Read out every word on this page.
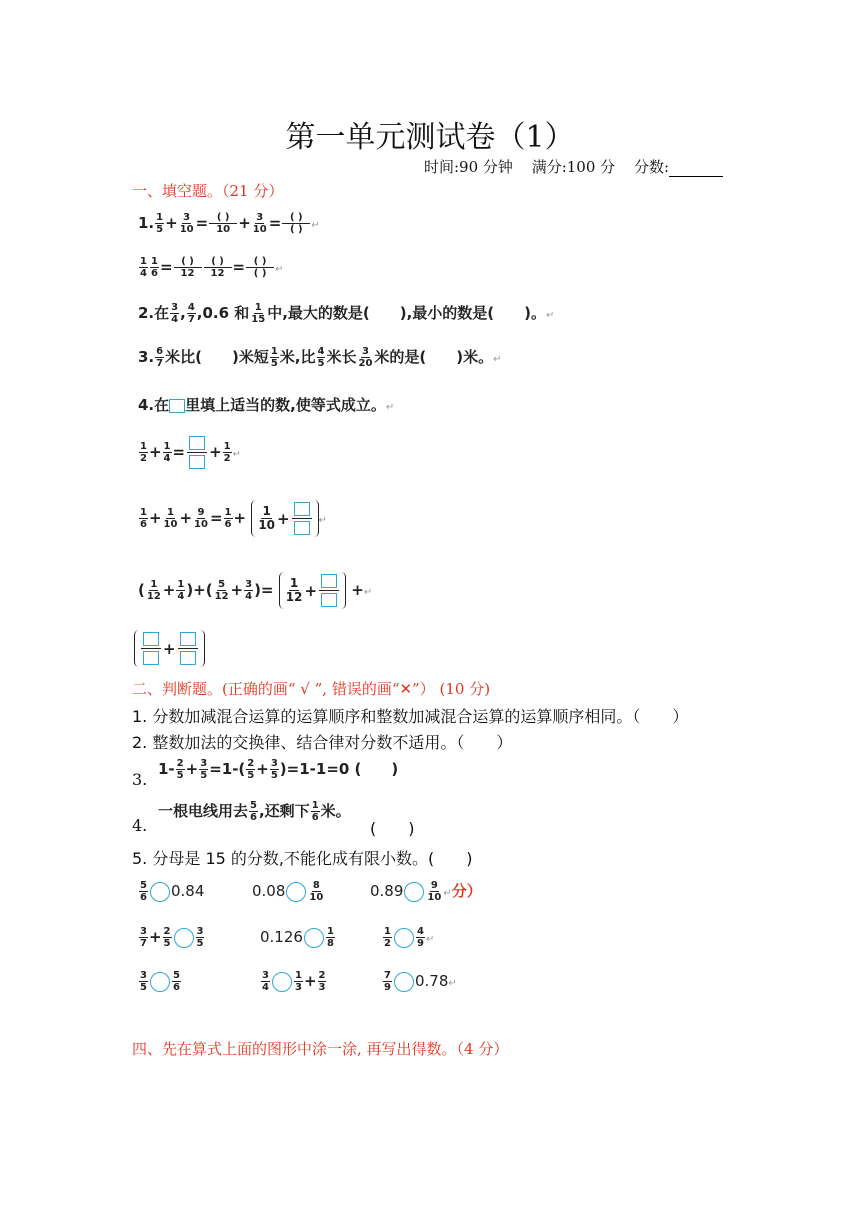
第一单元测试卷（1）
时间:90 分钟 满分:100 分 分数:
一、填空题。（21 分）
1. $\frac{1}{5} + \frac{3}{10} = \frac{( )}{10} + \frac{3}{10} = \frac{( )}{( )}$ ↵
$\frac{1}{4} \frac{1}{6} = \frac{( )}{12} \frac{( )}{12} = \frac{( )}{( )}$ ↵
2.在 $\frac{3}{4}$ , $\frac{4}{7} ,0.6$ 和 $\frac{1}{15}$ 中,最大的数是(　　),最小的数是(　　)。↵
3. $\frac{6}{7}$ 米比(　　)米短 $\frac{1}{5}$ 米,比 $\frac{4}{5}$ 米长 $\frac{3}{20}$ 米的是(　　)米。↵
4.在 里填上适当的数,使等式成立。↵
$\frac{1}{2} + \frac{1}{4}$ = + $\frac{1}{2}$ ↵
$\frac{1}{6} + \frac{1}{10} + \frac{9}{10} = \frac{1}{6} + \frac{1}{10}$ +	↵
( $\frac{1}{12} + \frac{1}{4}$ )+( $\frac{5}{12} + \frac{3}{4}$ )= $\frac{1}{12}$ +
+↵
+
二、判断题。(正确的画“ √ ”, 错误的画“✕”） (10 分)
1. 分数加减混合运算的运算顺序和整数加减混合运算的运算顺序相同。（　　）
2. 整数加法的交换律、结合律对分数不适用。（　　）
3.
$1- \frac{2}{5} + \frac{3}{5} =1-( \frac{2}{5} + \frac{3}{5} )=1-1=0$ (　　)
4.
一根电线用去 $\frac{5}{6}$ ,还剩下 $\frac{1}{6}$ 米。
(　　)
5. 分母是 15 的分数,不能化成有限小数。(　　)
$\frac{5}{6} 0.84$	$0.08 \frac{8}{10}$	$0.89 \frac{9}{10}$ ↵分）
$\frac{3}{7} + \frac{2}{5} \frac{3}{5}$	$0.126 \frac{1}{8}$	$\frac{1}{2} \frac{4}{9}$ ↵
$\frac{3}{5} \frac{5}{6}$	$\frac{3}{4} \frac{1}{3} + \frac{2}{3}$	$\frac{7}{9}$ 0.78↵
四、先在算式上面的图形中涂一涂, 再写出得数。（4 分）
